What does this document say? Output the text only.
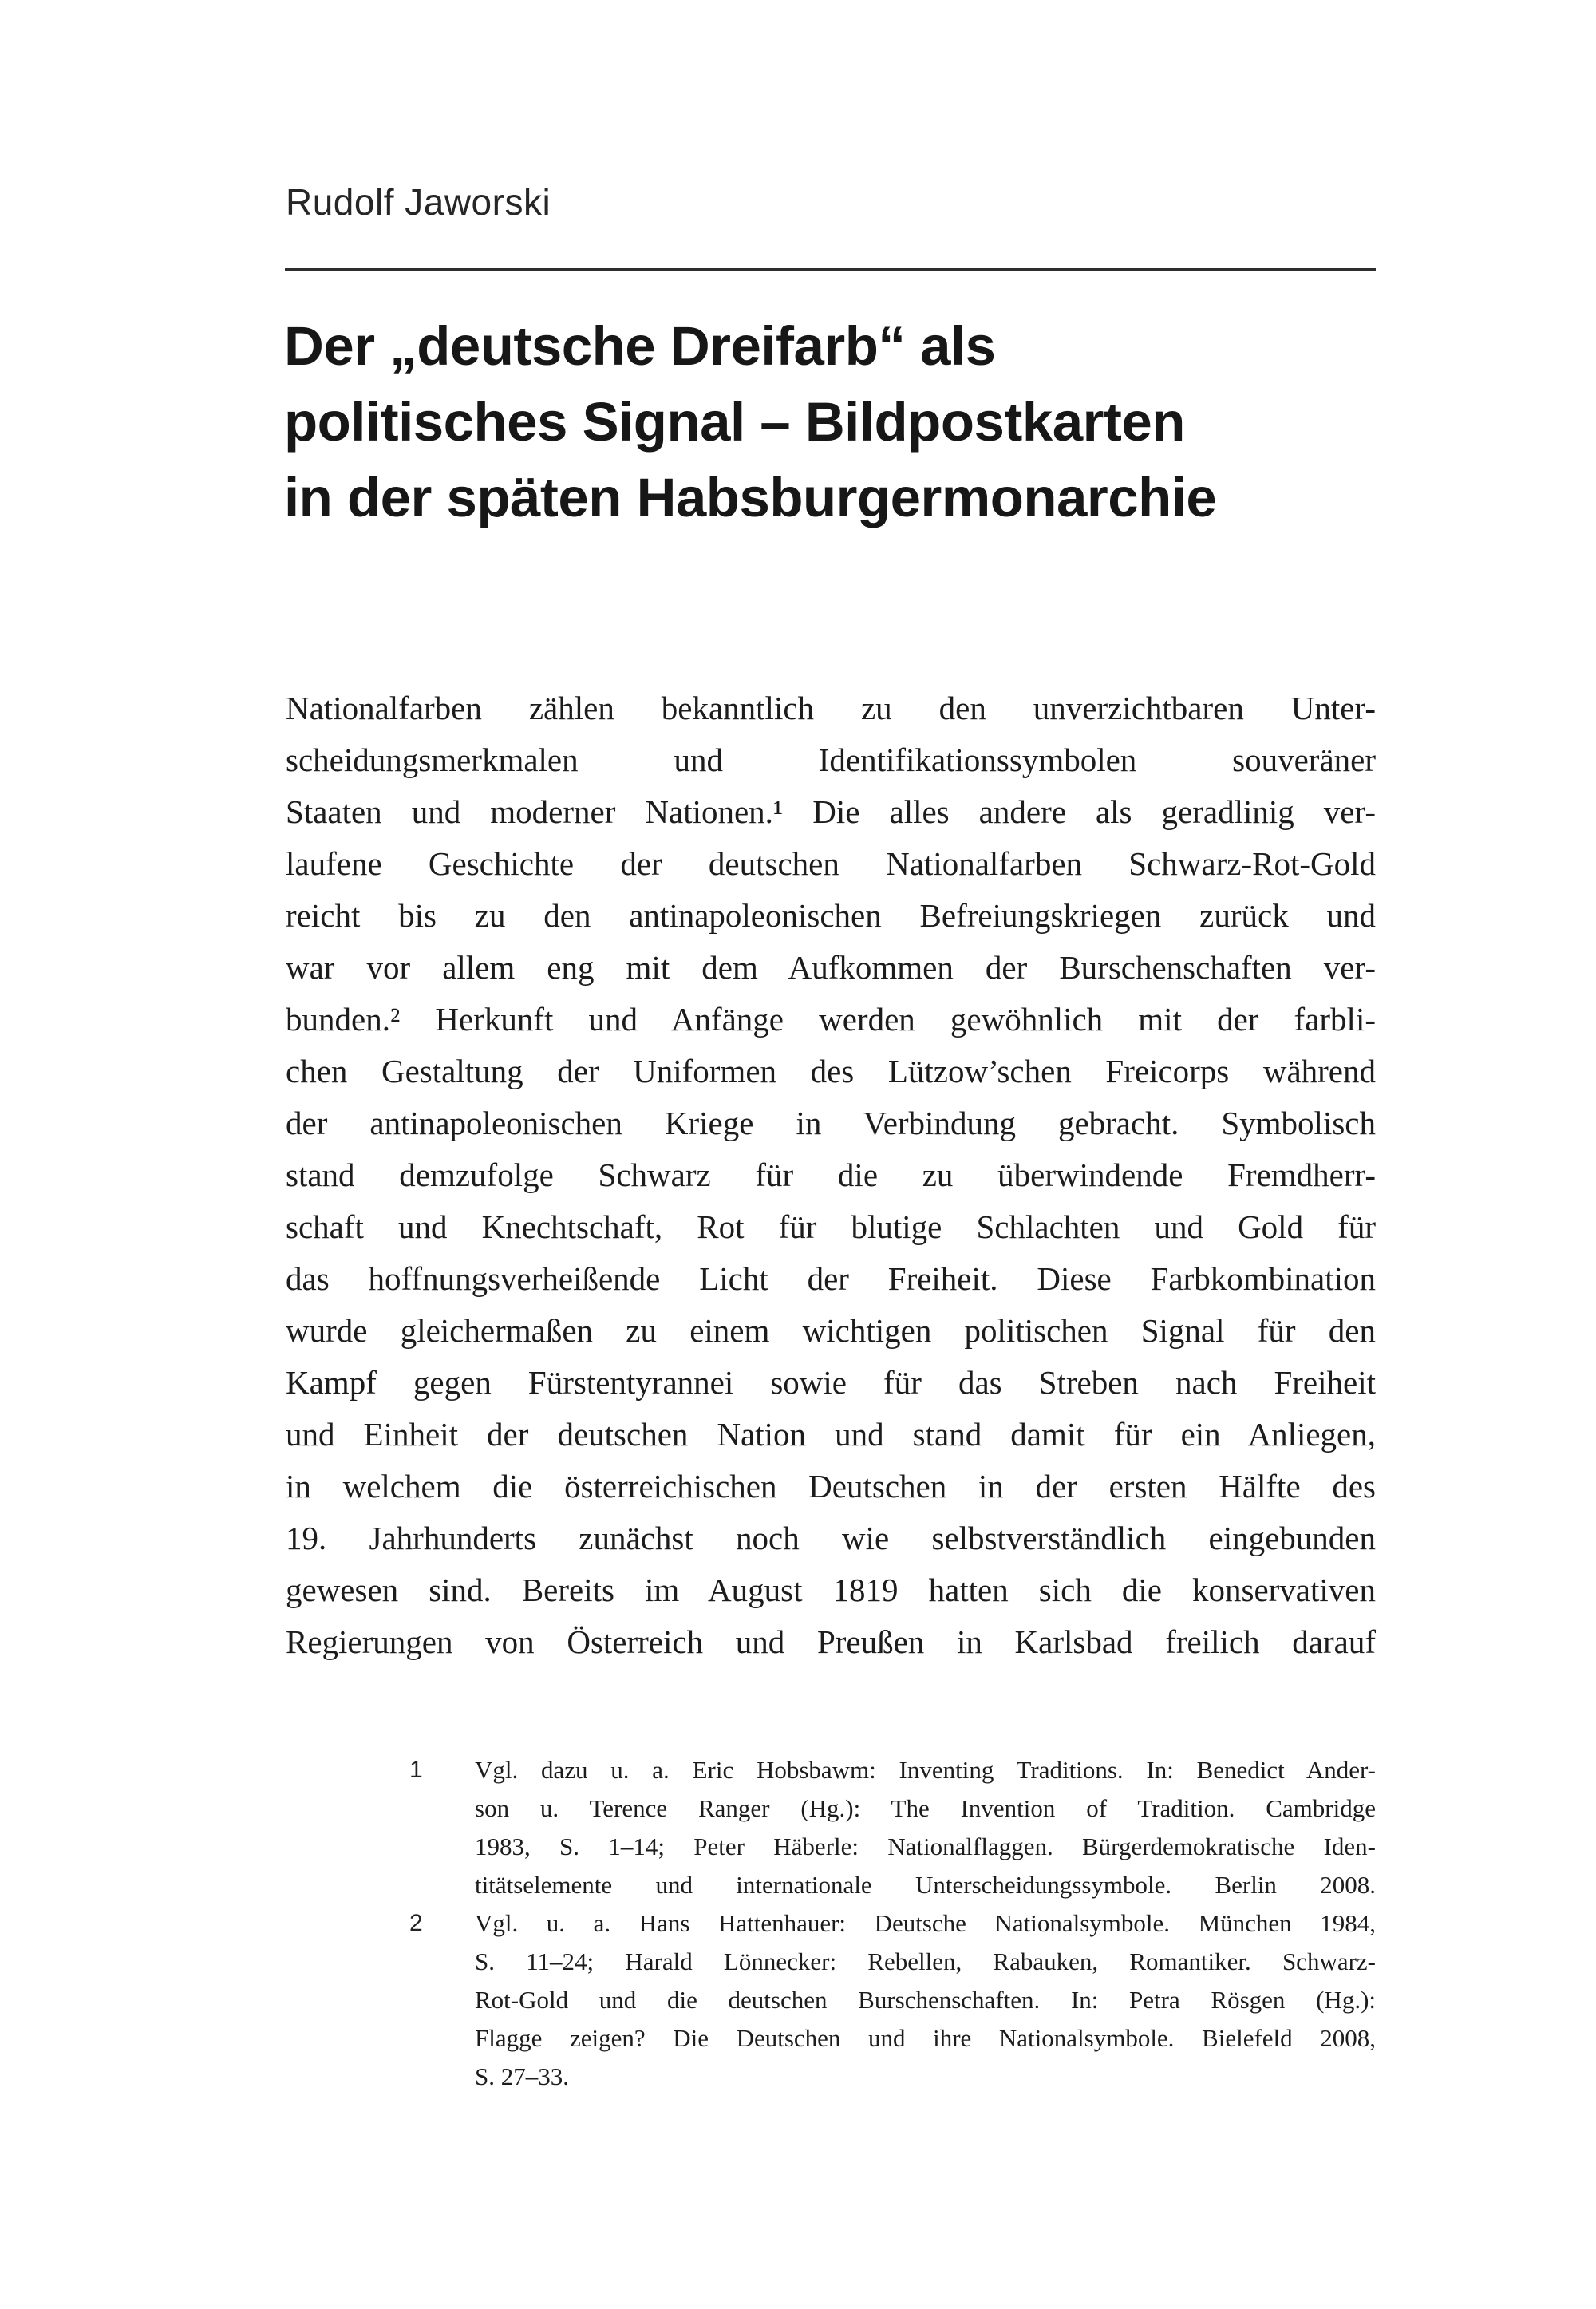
Rudolf Jaworski
Der „deutsche Dreifarb“ als
politisches Signal – Bildpostkarten
in der späten Habsburgermonarchie
Nationalfarben zählen bekanntlich zu den unverzichtbaren Unter-
scheidungsmerkmalen und Identifikationssymbolen souveräner
Staaten und moderner Nationen.¹ Die alles andere als geradlinig ver-
laufene Geschichte der deutschen Nationalfarben Schwarz-Rot-Gold
reicht bis zu den antinapoleonischen Befreiungskriegen zurück und
war vor allem eng mit dem Aufkommen der Burschenschaften ver-
bunden.² Herkunft und Anfänge werden gewöhnlich mit der farbli-
chen Gestaltung der Uniformen des Lützow’schen Freicorps während
der antinapoleonischen Kriege in Verbindung gebracht. Symbolisch
stand demzufolge Schwarz für die zu überwindende Fremdherr-
schaft und Knechtschaft, Rot für blutige Schlachten und Gold für
das hoffnungsverheißende Licht der Freiheit. Diese Farbkombination
wurde gleichermaßen zu einem wichtigen politischen Signal für den
Kampf gegen Fürstentyrannei sowie für das Streben nach Freiheit
und Einheit der deutschen Nation und stand damit für ein Anliegen,
in welchem die österreichischen Deutschen in der ersten Hälfte des
19. Jahrhunderts zunächst noch wie selbstverständlich eingebunden
gewesen sind. Bereits im August 1819 hatten sich die konservativen
Regierungen von Österreich und Preußen in Karlsbad freilich darauf
1	Vgl. dazu u. a. Eric Hobsbawm: Inventing Traditions. In: Benedict Ander-
son u. Terence Ranger (Hg.): The Invention of Tradition. Cambridge
1983, S. 1–14; Peter Häberle: Nationalflaggen. Bürgerdemokratische Iden-
titätselemente und internationale Unterscheidungssymbole. Berlin 2008.
2	Vgl. u. a. Hans Hattenhauer: Deutsche Nationalsymbole. München 1984,
S. 11–24; Harald Lönnecker: Rebellen, Rabauken, Romantiker. Schwarz-
Rot-Gold und die deutschen Burschenschaften. In: Petra Rösgen (Hg.):
Flagge zeigen? Die Deutschen und ihre Nationalsymbole. Bielefeld 2008,
S. 27–33.
